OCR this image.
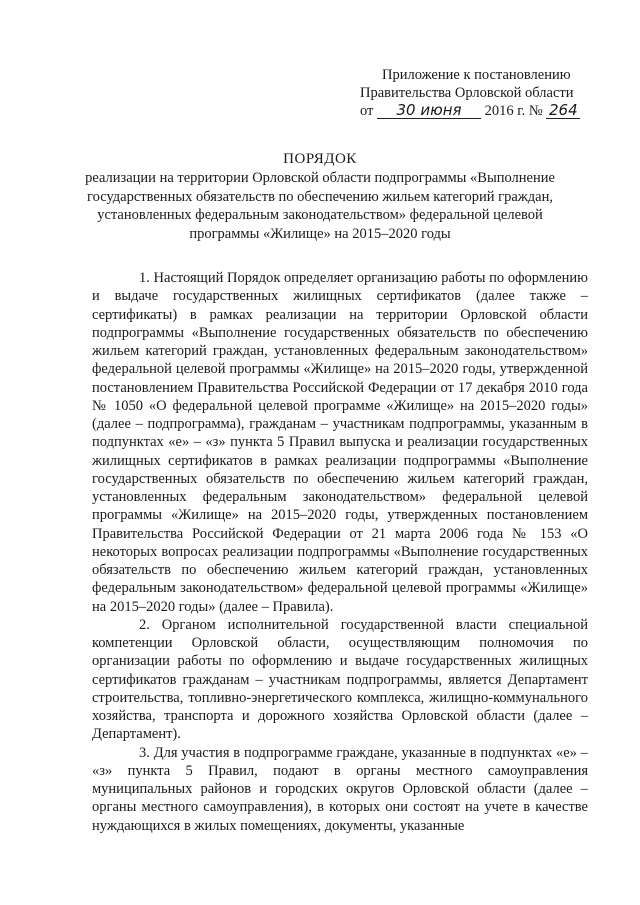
Приложение к постановлению
Правительства Орловской области
от 30 июня 2016 г. № 264
ПОРЯДОК
реализации на территории Орловской области подпрограммы «Выполнение
государственных обязательств по обеспечению жильем категорий граждан,
установленных федеральным законодательством» федеральной целевой
программы «Жилище» на 2015–2020 годы

1. Настоящий Порядок определяет организацию работы по оформлению и выдаче государственных жилищных сертификатов (далее также – сертификаты) в рамках реализации на территории Орловской области подпрограммы «Выполнение государственных обязательств по обеспечению жильем категорий граждан, установленных федеральным законодательством» федеральной целевой программы «Жилище» на 2015–2020 годы, утвержденной постановлением Правительства Российской Федерации от 17 декабря 2010 года № 1050 «О федеральной целевой программе «Жилище» на 2015–2020 годы» (далее – подпрограмма), гражданам – участникам подпрограммы, указанным в подпунктах «е» – «з» пункта 5 Правил выпуска и реализации государственных жилищных сертификатов в рамках реализации подпрограммы «Выполнение государственных обязательств по обеспечению жильем категорий граждан, установленных федеральным законодательством» федеральной целевой программы «Жилище» на 2015–2020 годы, утвержденных постановлением Правительства Российской Федерации от 21 марта 2006 года № 153 «О некоторых вопросах реализации подпрограммы «Выполнение государственных обязательств по обеспечению жильем категорий граждан, установленных федеральным законодательством» федеральной целевой программы «Жилище» на 2015–2020 годы» (далее – Правила).

2. Органом исполнительной государственной власти специальной компетенции Орловской области, осуществляющим полномочия по организации работы по оформлению и выдаче государственных жилищных сертификатов гражданам – участникам подпрограммы, является Департамент строительства, топливно-энергетического комплекса, жилищно-коммунального хозяйства, транспорта и дорожного хозяйства Орловской области (далее – Департамент).

3. Для участия в подпрограмме граждане, указанные в подпунктах «е» – «з» пункта 5 Правил, подают в органы местного самоуправления муниципальных районов и городских округов Орловской области (далее – органы местного самоуправления), в которых они состоят на учете в качестве нуждающихся в жилых помещениях, документы, указанные
